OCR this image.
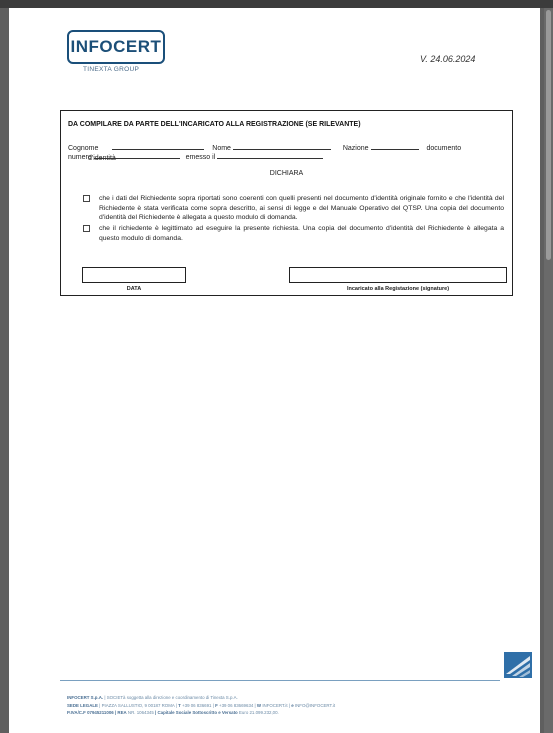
INFOCERT
TINEXTA GROUP
V. 24.06.2024
DA COMPILARE DA PARTE DELL'INCARICATO ALLA REGISTRAZIONE (SE RILEVANTE)
Cognome	Nome	Nazione	documento d'identità
numero	emesso il
DICHIARA
che i dati del Richiedente sopra riportati sono coerenti con quelli presenti nel documento d'identità originale fornito e che l'identità del Richiedente è stata verificata come sopra descritto, ai sensi di legge e del Manuale Operativo del QTSP. Una copia del documento d'identità del Richiedente è allegata a questo modulo di domanda.
che il richiedente è legittimato ad eseguire la presente richiesta. Una copia del documento d'identità del Richiedente è allegata a questo modulo di domanda.
DATA	Incaricato alla Registazione (signature)
INFOCERT S.p.A. | SOCIETà soggetta alla direzione e coordinamento di Tinexta S.p.A.
SEDE LEGALE | PIAZZA SALLUSTIO, 9 00187 ROMA | T +39 06 836691 | F +39 06 83669634 | W INFOCERT.it | e INFO@INFOCERT.it
P.IVA/C.F 07945211006 | REA NR. 1064345 | Capitale Sociale Sottoscritto e Versato Euro 21.099.232,00.
